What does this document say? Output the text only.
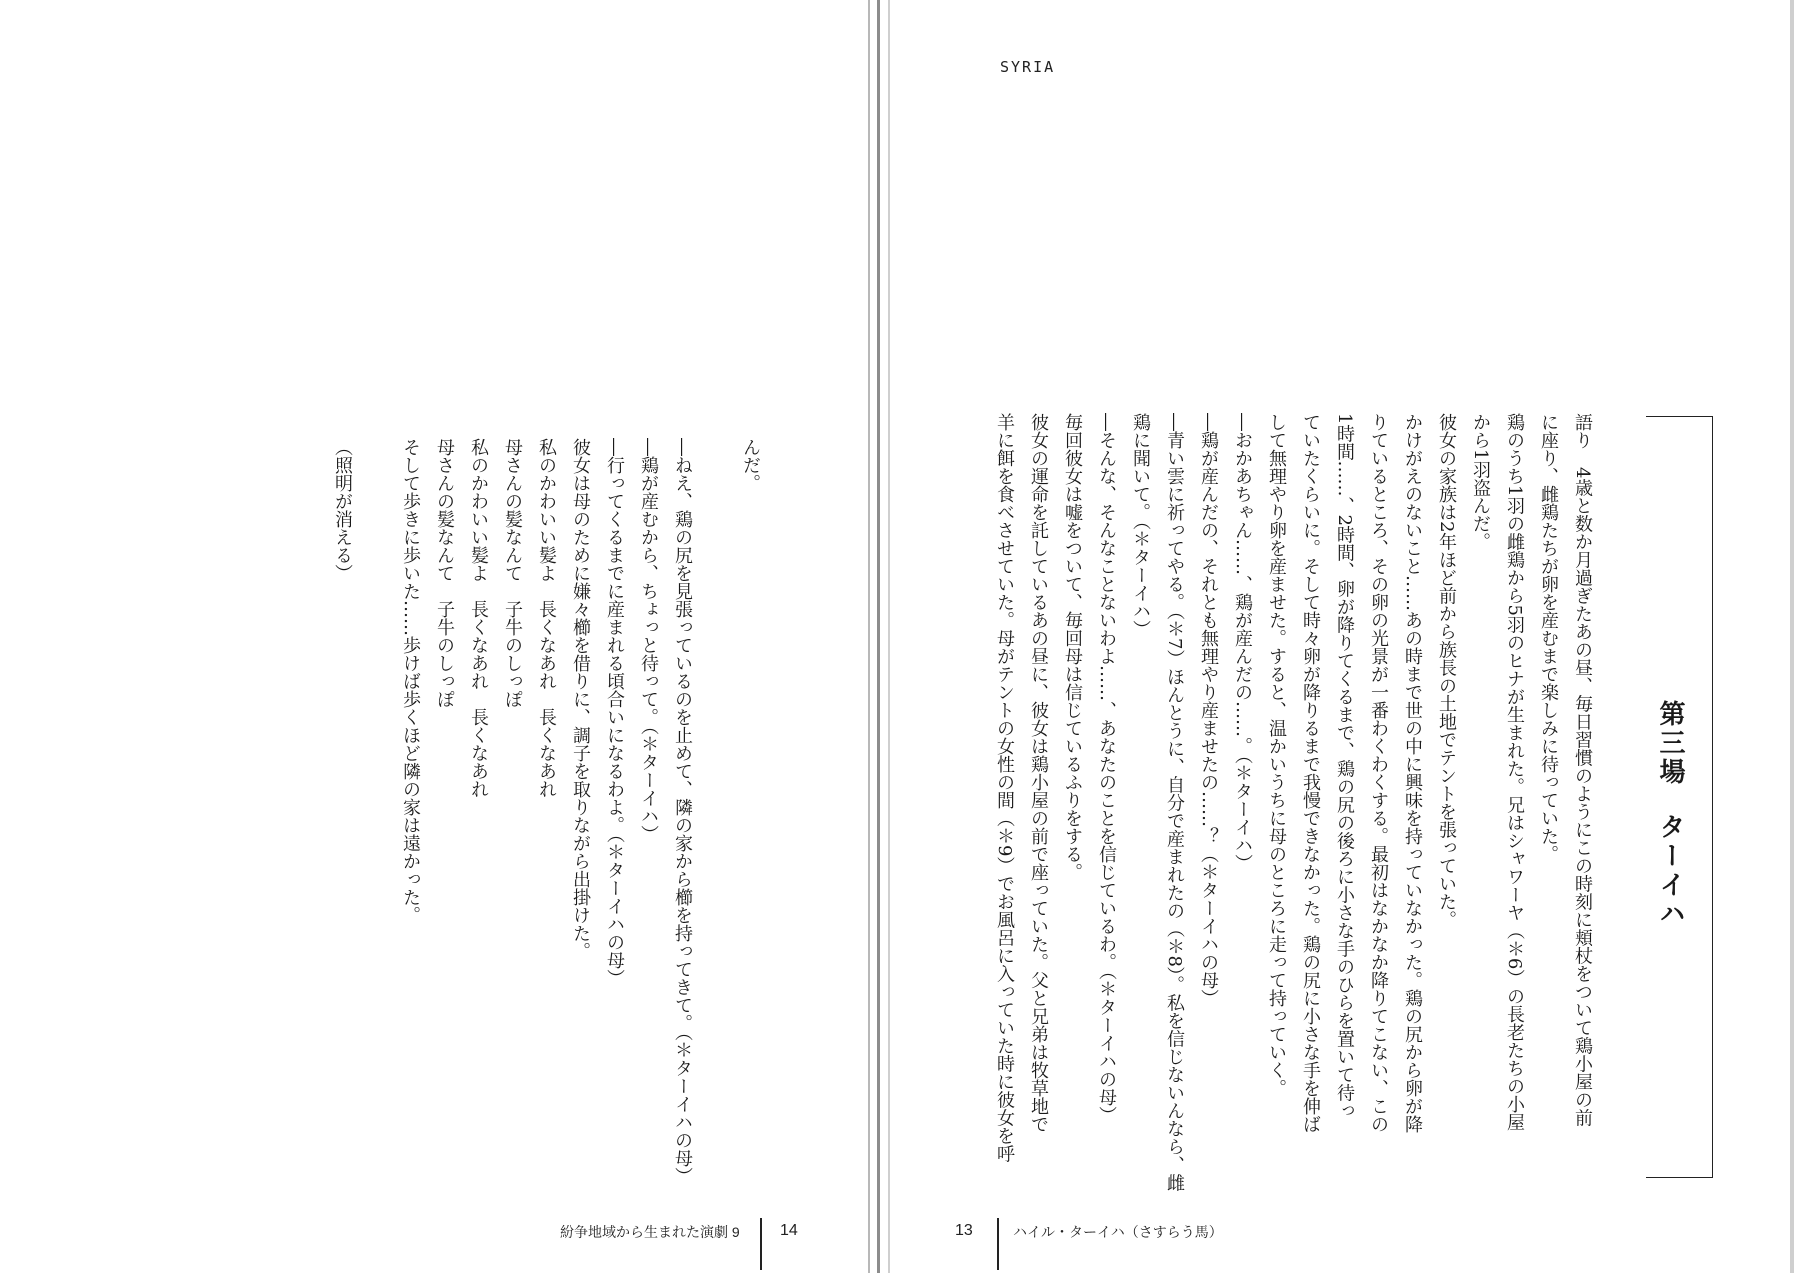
SYRIA
第三場ターイハ
語り　4歳と数か月過ぎたあの昼、毎日習慣のようにこの時刻に頬杖をついて鶏小屋の前
に座り、雌鶏たちが卵を産むまで楽しみに待っていた。
鶏のうち1羽の雌鶏から5羽のヒナが生まれた。兄はシャワーヤ（＊6）の長老たちの小屋
から1羽盗んだ。
彼女の家族は2年ほど前から族長の土地でテントを張っていた。
かけがえのないこと……あの時まで世の中に興味を持っていなかった。鶏の尻から卵が降
りているところ、その卵の光景が一番わくわくする。最初はなかなか降りてこない、この
1時間……、2時間、卵が降りてくるまで、鶏の尻の後ろに小さな手のひらを置いて待っ
ていたくらいに。そして時々卵が降りるまで我慢できなかった。鶏の尻に小さな手を伸ば
して無理やり卵を産ませた。すると、温かいうちに母のところに走って持っていく。
―おかあちゃん……、鶏が産んだの……。（＊ターイハ）
―鶏が産んだの、それとも無理やり産ませたの……？（＊ターイハの母）
―青い雲に祈ってやる。（＊7）ほんとうに、自分で産まれたの（＊8）。私を信じないんなら、雌
鶏に聞いて。（＊ターイハ）
―そんな、そんなことないわよ……、あなたのことを信じているわ。（＊ターイハの母）
毎回彼女は嘘をついて、毎回母は信じているふりをする。
彼女の運命を託しているあの昼に、彼女は鶏小屋の前で座っていた。父と兄弟は牧草地で
羊に餌を食べさせていた。母がテントの女性の間（＊9）でお風呂に入っていた時に彼女を呼
んだ。
―ねえ、鶏の尻を見張っているのを止めて、隣の家から櫛を持ってきて。（＊ターイハの母）
―鶏が産むから、ちょっと待って。（＊ターイハ）
―行ってくるまでに産まれる頃合いになるわよ。（＊ターイハの母）
彼女は母のために嫌々櫛を借りに、調子を取りながら出掛けた。
私のかわいい髪よ　長くなあれ　長くなあれ
母さんの髪なんて　子牛のしっぽ
私のかわいい髪よ　長くなあれ　長くなあれ
母さんの髪なんて　子牛のしっぽ
そして歩きに歩いた……歩けば歩くほど隣の家は遠かった。
（照明が消える）
紛争地域から生まれた演劇 9	14	13	ハイル・ターイハ（さすらう馬）
